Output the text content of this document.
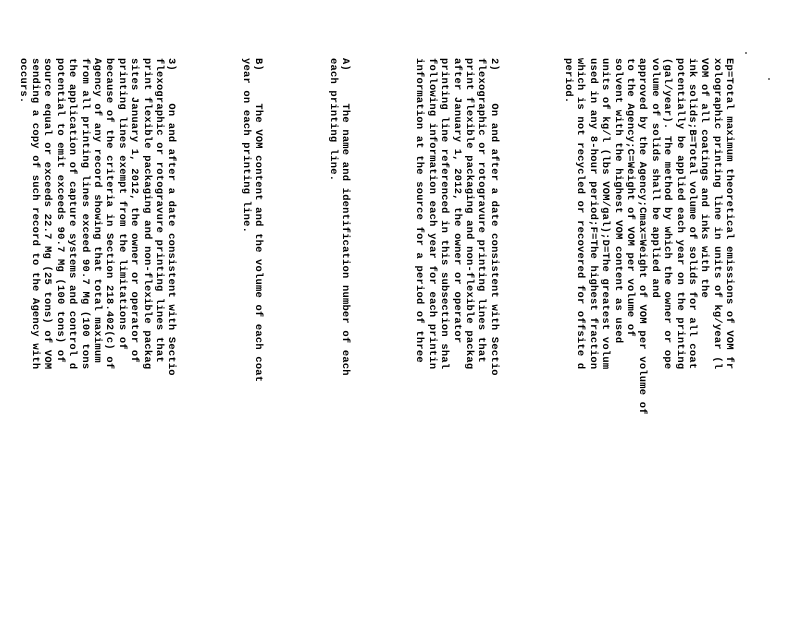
Ep=Total maximum theoretical emissions of VOM fr
xolographic printing line in units of kg/year (l
VOM of all coatings and inks with the
ink solids;B=Total volume of solids for all coat
potentially be applied each year on the printing
(gal/year). The method by which the owner or ope
volume of solids shall be applied and
approved by the Agency;Cmax=Weight of VOM per volume of
to the Agency;C=Weight of VOM per volume of
solvent with the highest VOM content as used
units of kg/l (lbs VOM/gal);D=The greatest volum
used in any 8-hour period;F=The highest fraction
which is not recycled or recovered for offsite d
period.

2)     On and after a date consistent with Sectio
flexographic or rotogravure printing lines that
print flexible packaging and non-flexible packag
after January 1, 2012, the owner or operator
printing line referenced in this subsection shal
following information each year for each printin
information at the source for a period of three

A)     The name and identification number of each
each printing line.

B)     The VOM content and the volume of each coat
year on each printing line.

3)     On and after a date consistent with Sectio
flexographic or rotogravure printing lines that
print flexible packaging and non-flexible packag
sites January 1, 2012, the owner or operator of
printing lines exempt from the limitations of
because of the criteria in Section 218.402(c) of
Agency of any record showing that total maximum
from all printing lines exceed 90.7 Mg (100 tons
the application of capture systems and control d
potential to emit exceeds 90.7 Mg (100 tons) of
source equal or exceeds 22.7 Mg (25 tons) of VOM
sending a copy of such record to the Agency with
occurs.
